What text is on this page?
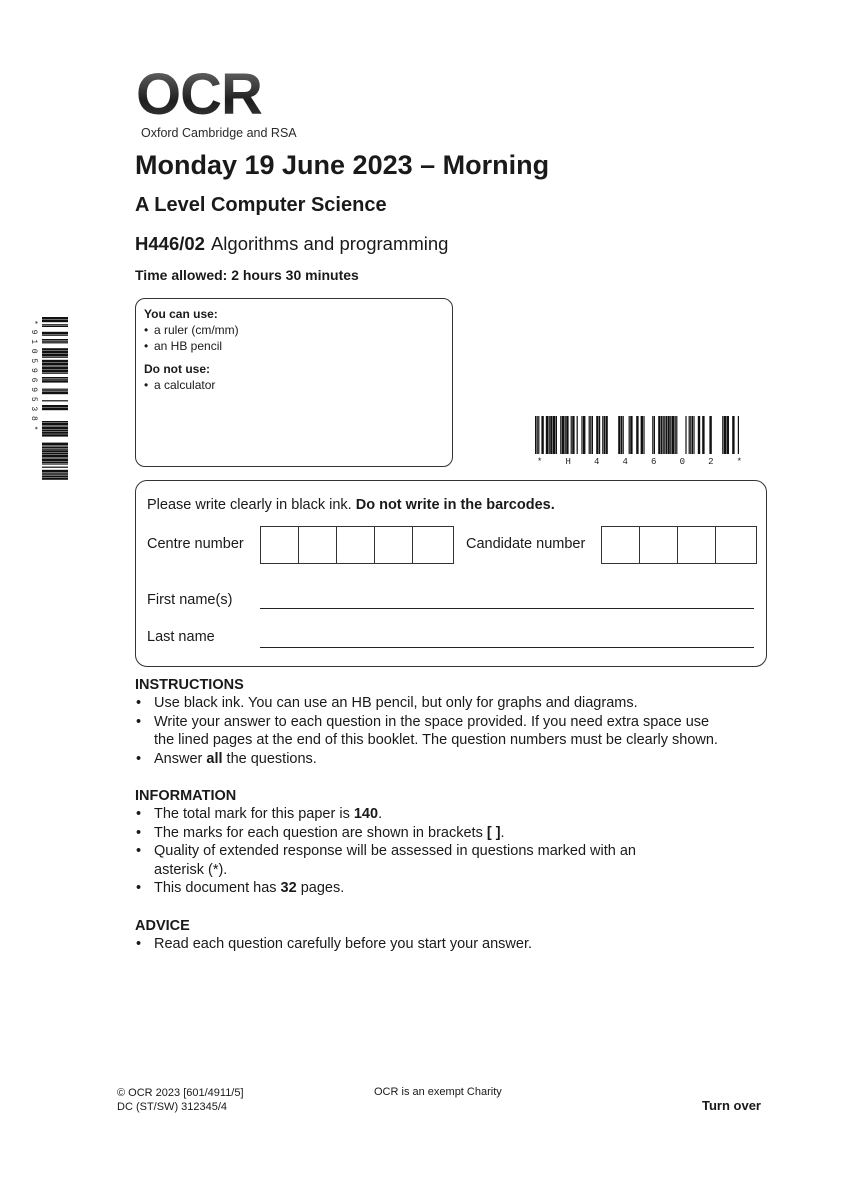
OCR
Oxford Cambridge and RSA
Monday 19 June 2023 – Morning
A Level Computer Science
H446/02 Algorithms and programming
Time allowed: 2 hours 30 minutes
You can use:
• a ruler (cm/mm)
• an HB pencil
Do not use:
• a calculator
* 9 1 0 5 9 6 9 5 3 8 *
* H 4 4 6 0 2 *
Please write clearly in black ink. Do not write in the barcodes.
Centre number	Candidate number
First name(s)
Last name
INSTRUCTIONS
• Use black ink. You can use an HB pencil, but only for graphs and diagrams.
• Write your answer to each question in the space provided. If you need extra space use
the lined pages at the end of this booklet. The question numbers must be clearly shown.
• Answer all the questions.
INFORMATION
• The total mark for this paper is 140.
• The marks for each question are shown in brackets [ ].
• Quality of extended response will be assessed in questions marked with an
asterisk (*).
• This document has 32 pages.
ADVICE
• Read each question carefully before you start your answer.
© OCR 2023 [601/4911/5]
DC (ST/SW) 312345/4
OCR is an exempt Charity
Turn over
